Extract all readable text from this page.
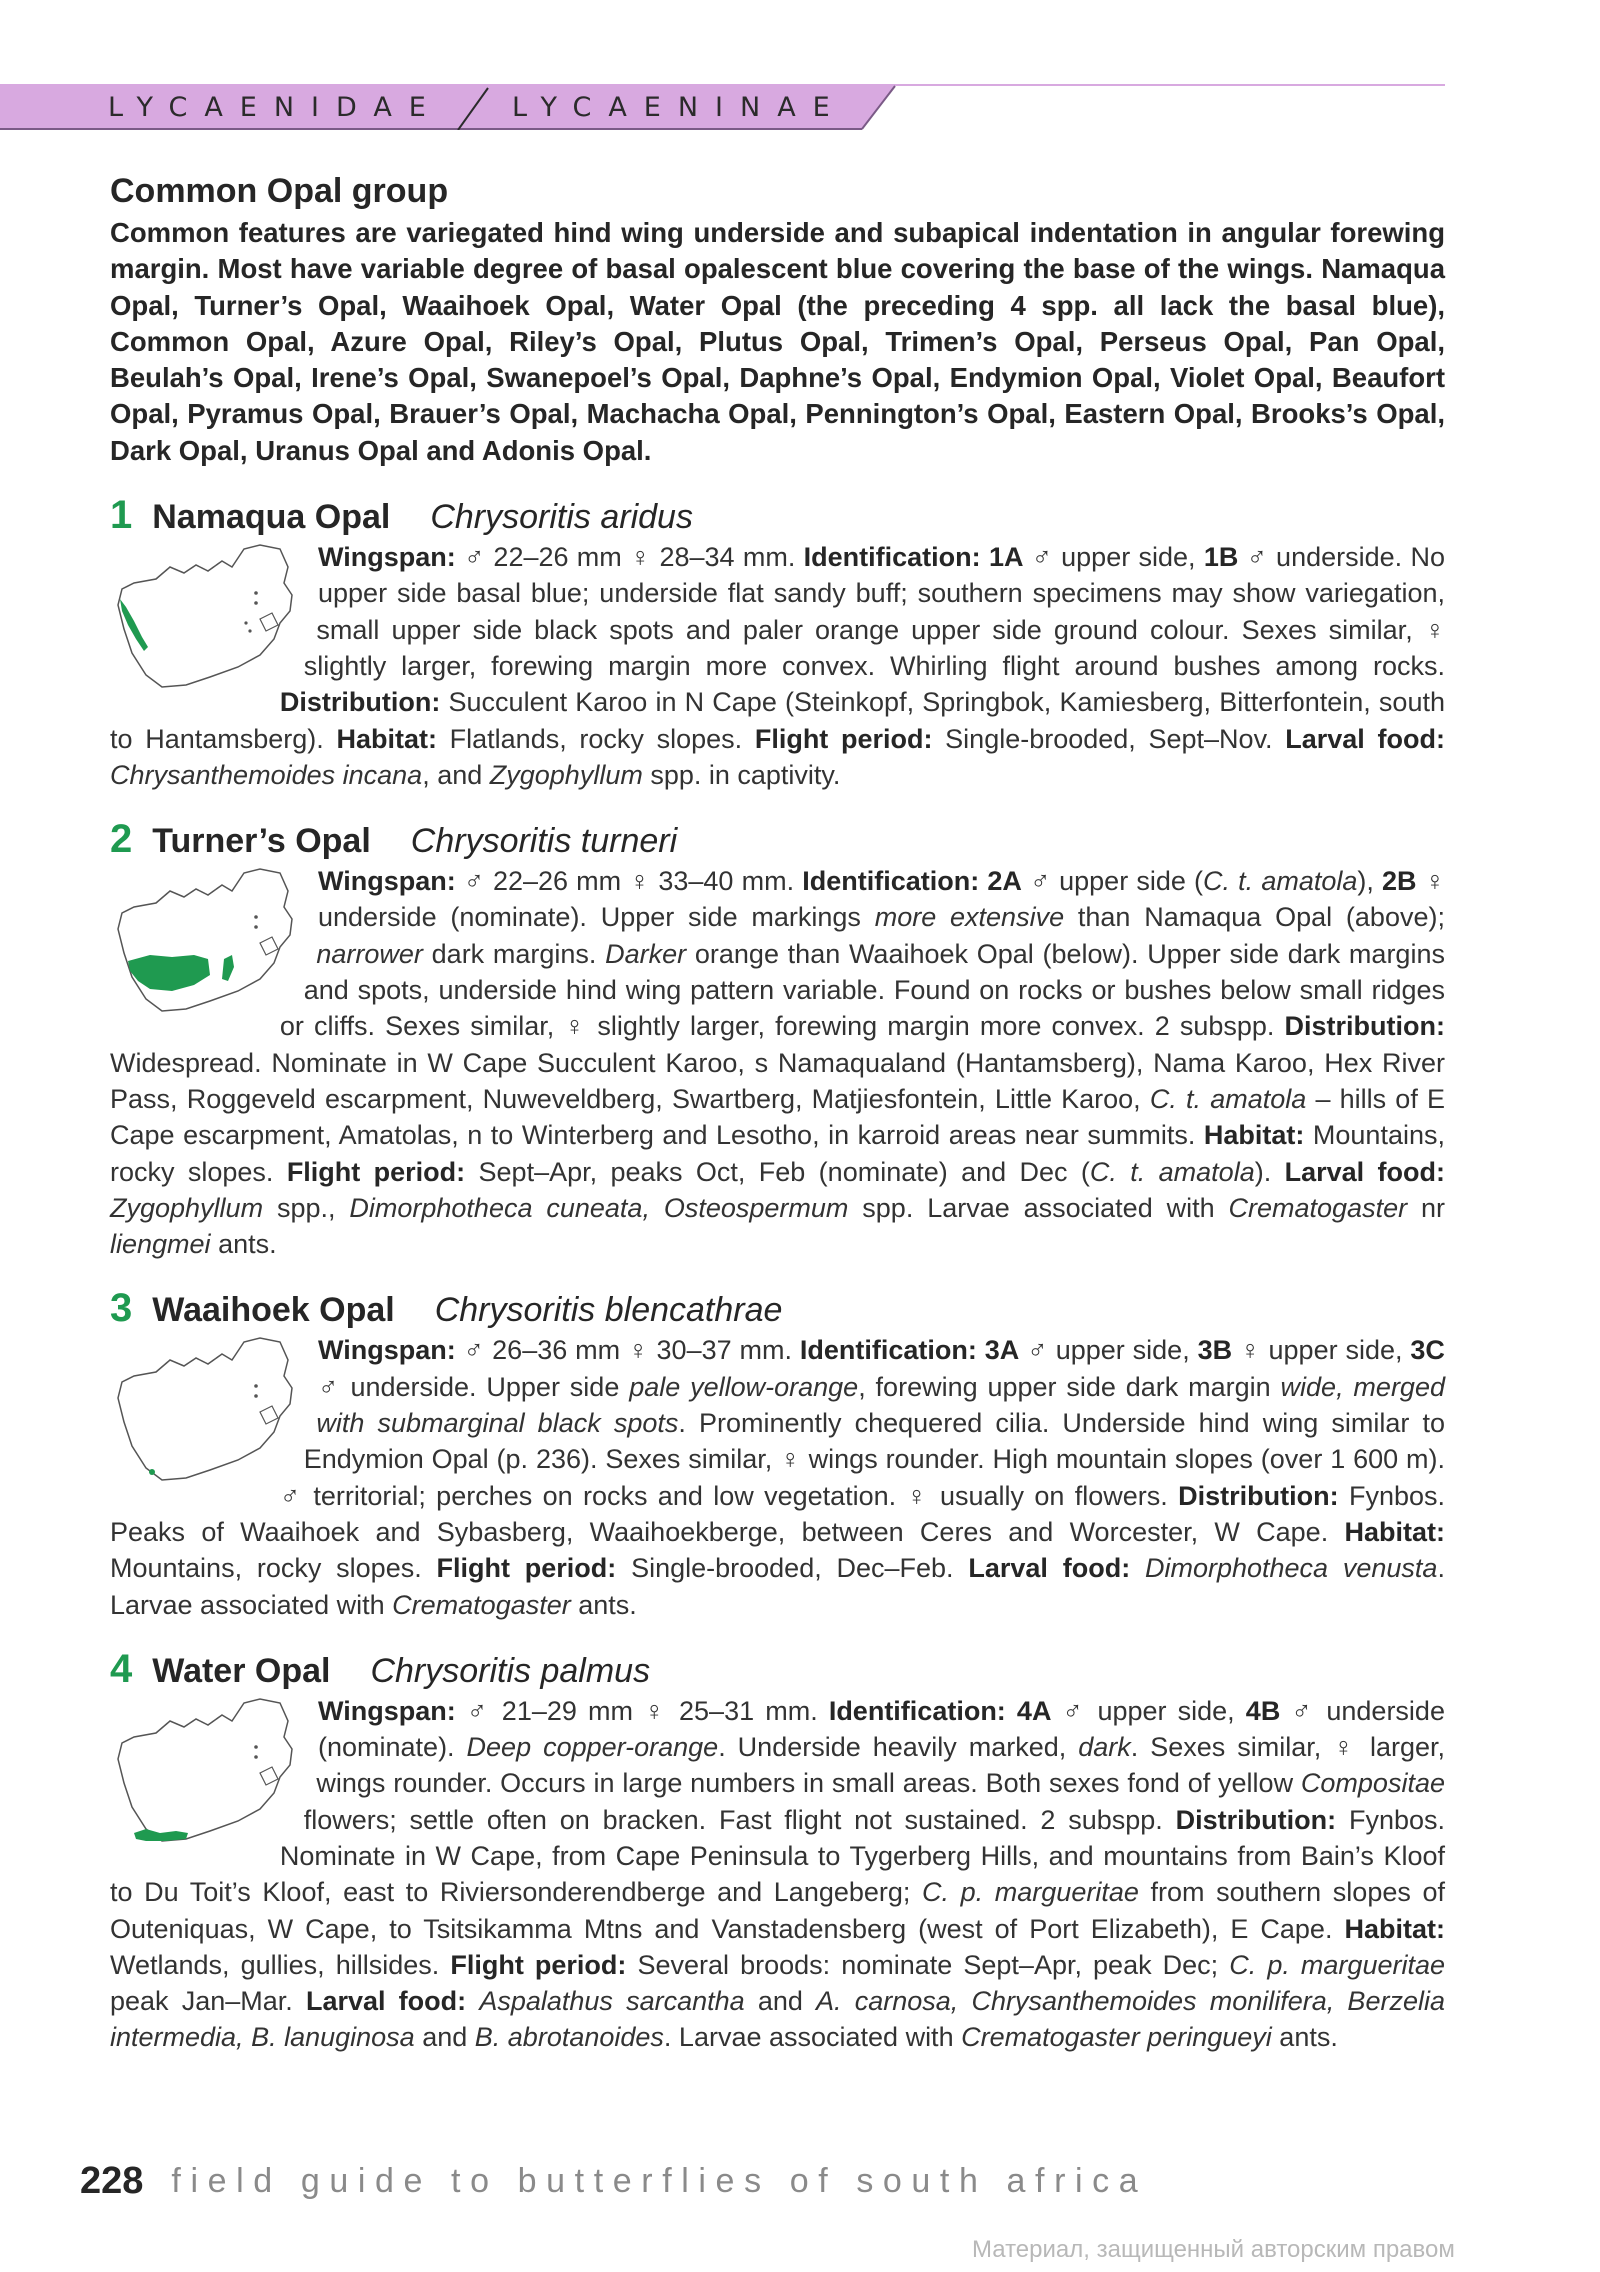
LYCAENIDAE	LYCAENINAE
Common Opal group

Common features are variegated hind wing underside and subapical indentation in angular forewing margin. Most have variable degree of basal opalescent blue covering the base of the wings. Namaqua Opal, Turner’s Opal, Waaihoek Opal, Water Opal (the preceding 4 spp. all lack the basal blue), Common Opal, Azure Opal, Riley’s Opal, Plutus Opal, Trimen’s Opal, Perseus Opal, Pan Opal, Beulah’s Opal, Irene’s Opal, Swanepoel’s Opal, Daphne’s Opal, Endymion Opal, Violet Opal, Beaufort Opal, Pyramus Opal, Brauer’s Opal, Machacha Opal, Pennington’s Opal, Eastern Opal, Brooks’s Opal, Dark Opal, Uranus Opal and Adonis Opal.

1 Namaqua Opal Chrysoritis aridus

Wingspan: ♂ 22–26 mm ♀ 28–34 mm. Identification: 1A ♂ upper side, 1B ♂ underside. No upper side basal blue; underside flat sandy buff; southern specimens may show variegation, small upper side black spots and paler orange upper side ground colour. Sexes similar, ♀ slightly larger, forewing margin more convex. Whirling flight around bushes among rocks. Distribution: Succulent Karoo in N Cape (Steinkopf, Springbok, Kamiesberg, Bitterfontein, south to Hantamsberg). Habitat: Flatlands, rocky slopes. Flight period: Single-brooded, Sept–Nov. Larval food: Chrysanthemoides incana, and Zygophyllum spp. in captivity.

2 Turner’s Opal Chrysoritis turneri

Wingspan: ♂ 22–26 mm ♀ 33–40 mm. Identification: 2A ♂ upper side (C. t. amatola), 2B ♀ underside (nominate). Upper side markings more extensive than Namaqua Opal (above); narrower dark margins. Darker orange than Waaihoek Opal (below). Upper side dark margins and spots, underside hind wing pattern variable. Found on rocks or bushes below small ridges or cliffs. Sexes similar, ♀ slightly larger, forewing margin more convex. 2 subspp. Distribution: Widespread. Nominate in W Cape Succulent Karoo, s Namaqualand (Hantamsberg), Nama Karoo, Hex River Pass, Roggeveld escarpment, Nuweveldberg, Swartberg, Matjiesfontein, Little Karoo, C. t. amatola – hills of E Cape escarpment, Amatolas, n to Winterberg and Lesotho, in karroid areas near summits. Habitat: Mountains, rocky slopes. Flight period: Sept–Apr, peaks Oct, Feb (nominate) and Dec (C. t. amatola). Larval food: Zygophyllum spp., Dimorphotheca cuneata, Osteospermum spp. Larvae associated with Crematogaster nr liengmei ants.

3 Waaihoek Opal Chrysoritis blencathrae

Wingspan: ♂ 26–36 mm ♀ 30–37 mm. Identification: 3A ♂ upper side, 3B ♀ upper side, 3C ♂ underside. Upper side pale yellow-orange, forewing upper side dark margin wide, merged with submarginal black spots. Prominently chequered cilia. Underside hind wing similar to Endymion Opal (p. 236). Sexes similar, ♀ wings rounder. High mountain slopes (over 1 600 m). ♂ territorial; perches on rocks and low vegetation. ♀ usually on flowers. Distribution: Fynbos. Peaks of Waaihoek and Sybasberg, Waaihoekberge, between Ceres and Worcester, W Cape. Habitat: Mountains, rocky slopes. Flight period: Single-brooded, Dec–Feb. Larval food: Dimorphotheca venusta. Larvae associated with Crematogaster ants.

4 Water Opal Chrysoritis palmus

Wingspan: ♂ 21–29 mm ♀ 25–31 mm. Identification: 4A ♂ upper side, 4B ♂ underside (nominate). Deep copper-orange. Underside heavily marked, dark. Sexes similar, ♀ larger, wings rounder. Occurs in large numbers in small areas. Both sexes fond of yellow Compositae flowers; settle often on bracken. Fast flight not sustained. 2 subspp. Distribution: Fynbos. Nominate in W Cape, from Cape Peninsula to Tygerberg Hills, and mountains from Bain’s Kloof to Du Toit’s Kloof, east to Riviersonderendberge and Langeberg; C. p. margueritae from southern slopes of Outeniquas, W Cape, to Tsitsikamma Mtns and Vanstadensberg (west of Port Elizabeth), E Cape. Habitat: Wetlands, gullies, hillsides. Flight period: Several broods: nominate Sept–Apr, peak Dec; C. p. margueritae peak Jan–Mar. Larval food: Aspalathus sarcantha and A. carnosa, Chrysanthemoides monilifera, Berzelia intermedia, B. lanuginosa and B. abrotanoides. Larvae associated with Crematogaster peringueyi ants.

228 field guide to butterflies of south africa
Материал, защищенный авторским правом
